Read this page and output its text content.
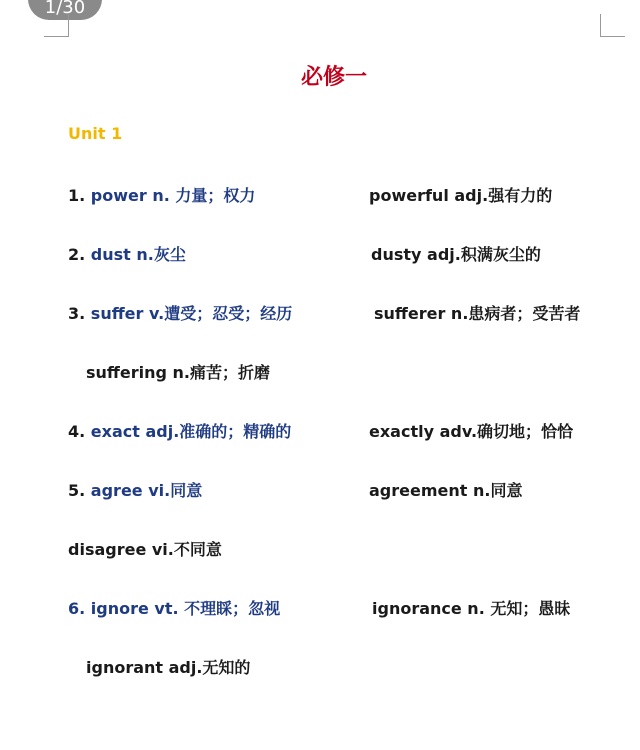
1/30
必修一
Unit 1
1. power n. 力量；权力	powerful adj.强有力的
2. dust n.灰尘	dusty adj.积满灰尘的
3. suffer v.遭受；忍受；经历	sufferer n.患病者；受苦者
suffering n.痛苦；折磨
4. exact adj.准确的；精确的	exactly adv.确切地；恰恰
5. agree vi.同意	agreement n.同意
disagree vi.不同意
6. ignore vt. 不理睬；忽视	ignorance n. 无知；愚昧
ignorant adj.无知的
